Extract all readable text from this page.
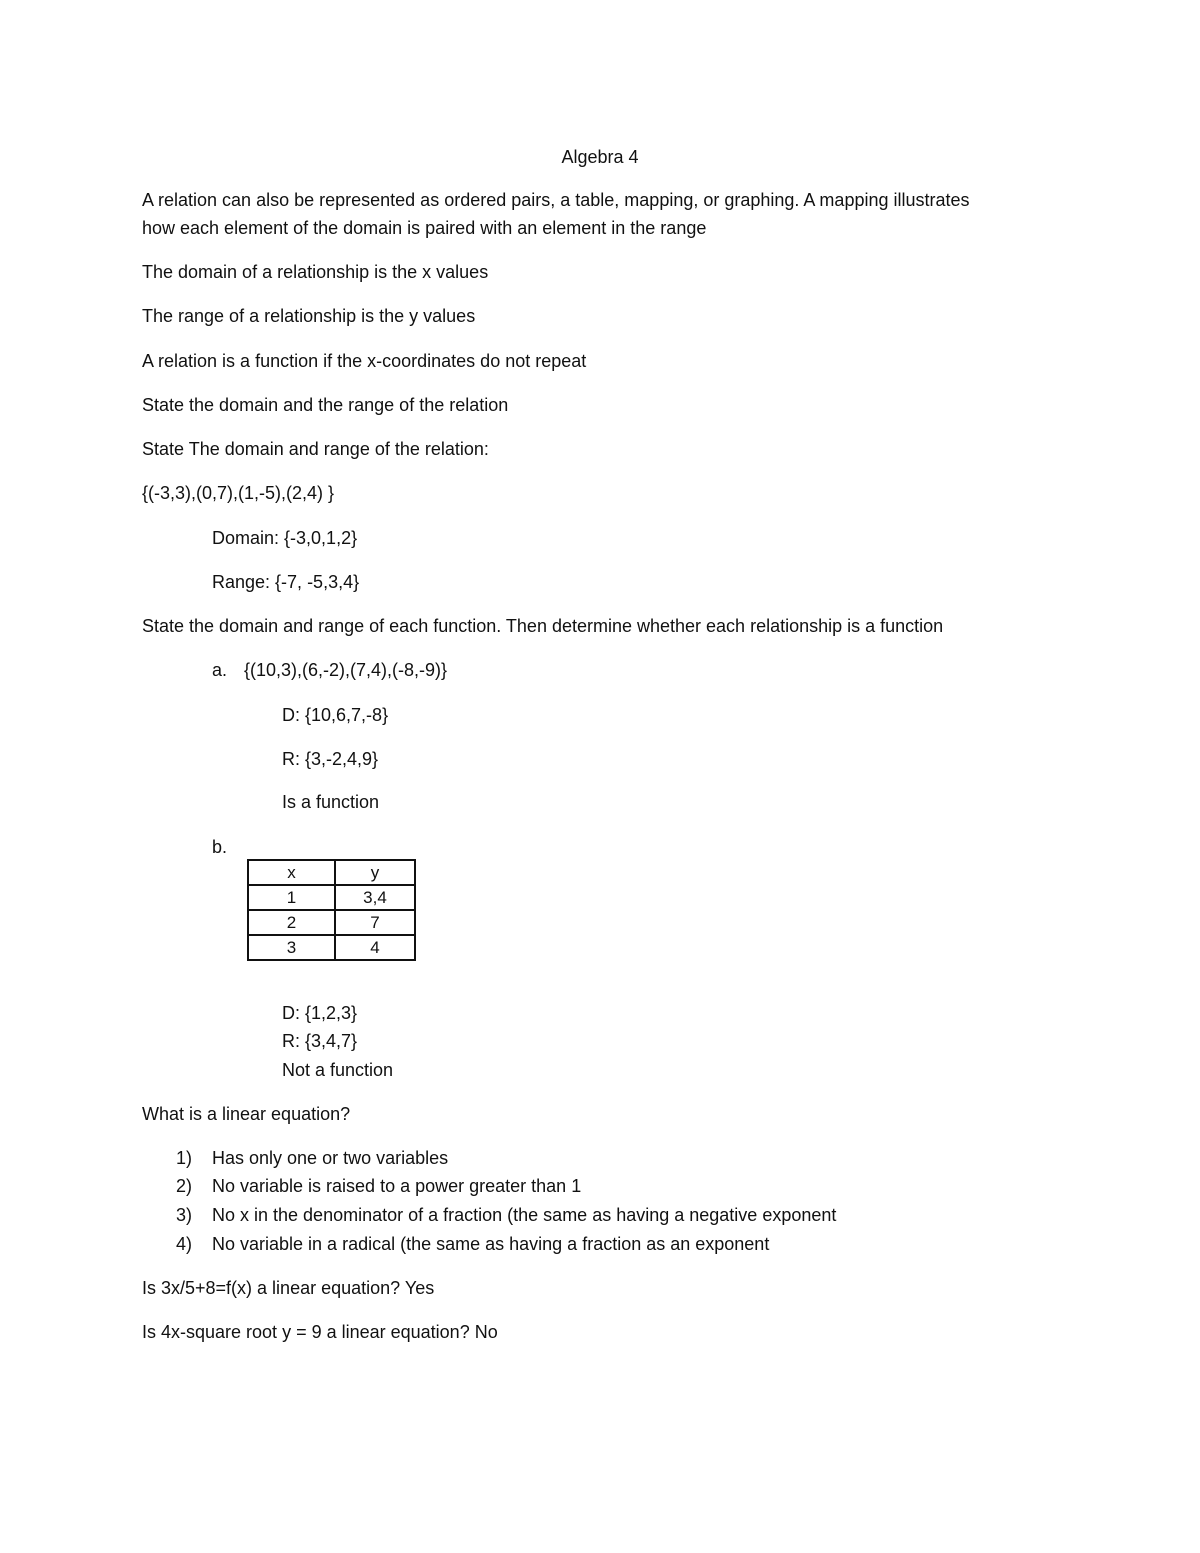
Algebra 4

A relation can also be represented as ordered pairs, a table, mapping, or graphing. A mapping illustrates

how each element of the domain is paired with an element in the range

The domain of a relationship is the x values

The range of a relationship is the y values

A relation is a function if the x-coordinates do not repeat

State the domain and the range of the relation

State The domain and range of the relation:

{(-3,3),(0,7),(1,-5),(2,4) }

Domain: {-3,0,1,2}

Range: {-7, -5,3,4}

State the domain and range of each function. Then determine whether each relationship is a function

a. {(10,3),(6,-2),(7,4),(-8,-9)}

D: {10,6,7,-8}

R: {3,-2,4,9}

Is a function

b.

x	y
1	3,4
2	7
3	4

D: {1,2,3}

R: {3,4,7}

Not a function

What is a linear equation?

1) Has only one or two variables

2) No variable is raised to a power greater than 1

3) No x in the denominator of a fraction (the same as having a negative exponent

4) No variable in a radical (the same as having a fraction as an exponent

Is 3x/5+8=f(x) a linear equation? Yes

Is 4x-square root y = 9 a linear equation? No
